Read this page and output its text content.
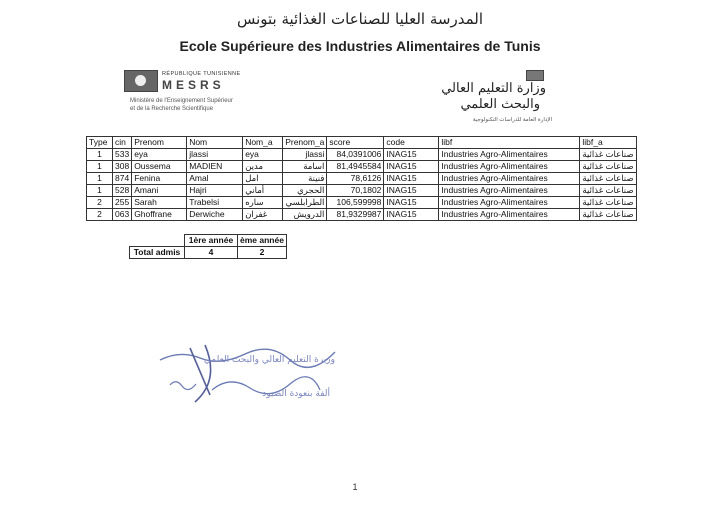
المدرسة العليا للصناعات الغذائية بتونس
Ecole Supérieure des Industries Alimentaires de Tunis
RÉPUBLIQUE TUNISIENNE
MESRS
Ministère de l'Enseignement Supérieur
et de la Recherche Scientifique
وزارة التعليم العالي
والبحث العلمي
الإدارة العامة للدراسات التكنولوجية
Type	cin	Prenom	Nom	Nom_a	Prenom_a	score	code	libf	libf_a
1	533	eya	jlassi	eya	jlassi	84,0391006	INAG15	Industries Agro-Alimentaires	صناعات غذائية
1	308	Oussema	MADIEN	مدين	اسامة	81,4945584	INAG15	Industries Agro-Alimentaires	صناعات غذائية
1	874	Fenina	Amal	امل	فنينة	78,6126	INAG15	Industries Agro-Alimentaires	صناعات غذائية
1	528	Amani	Hajri	أماني	الحجري	70,1802	INAG15	Industries Agro-Alimentaires	صناعات غذائية
2	255	Sarah	Trabelsi	ساره	الطرابلسي	106,599998	INAG15	Industries Agro-Alimentaires	صناعات غذائية
2	063	Ghoffrane	Derwiche	غفران	الدرويش	81,9329987	INAG15	Industries Agro-Alimentaires	صناعات غذائية
	1ère année	ème année
Total admis	4	2
وزيرة التعليم العالي والبحث العلمي
ألفة بنعودة الصيود
1
